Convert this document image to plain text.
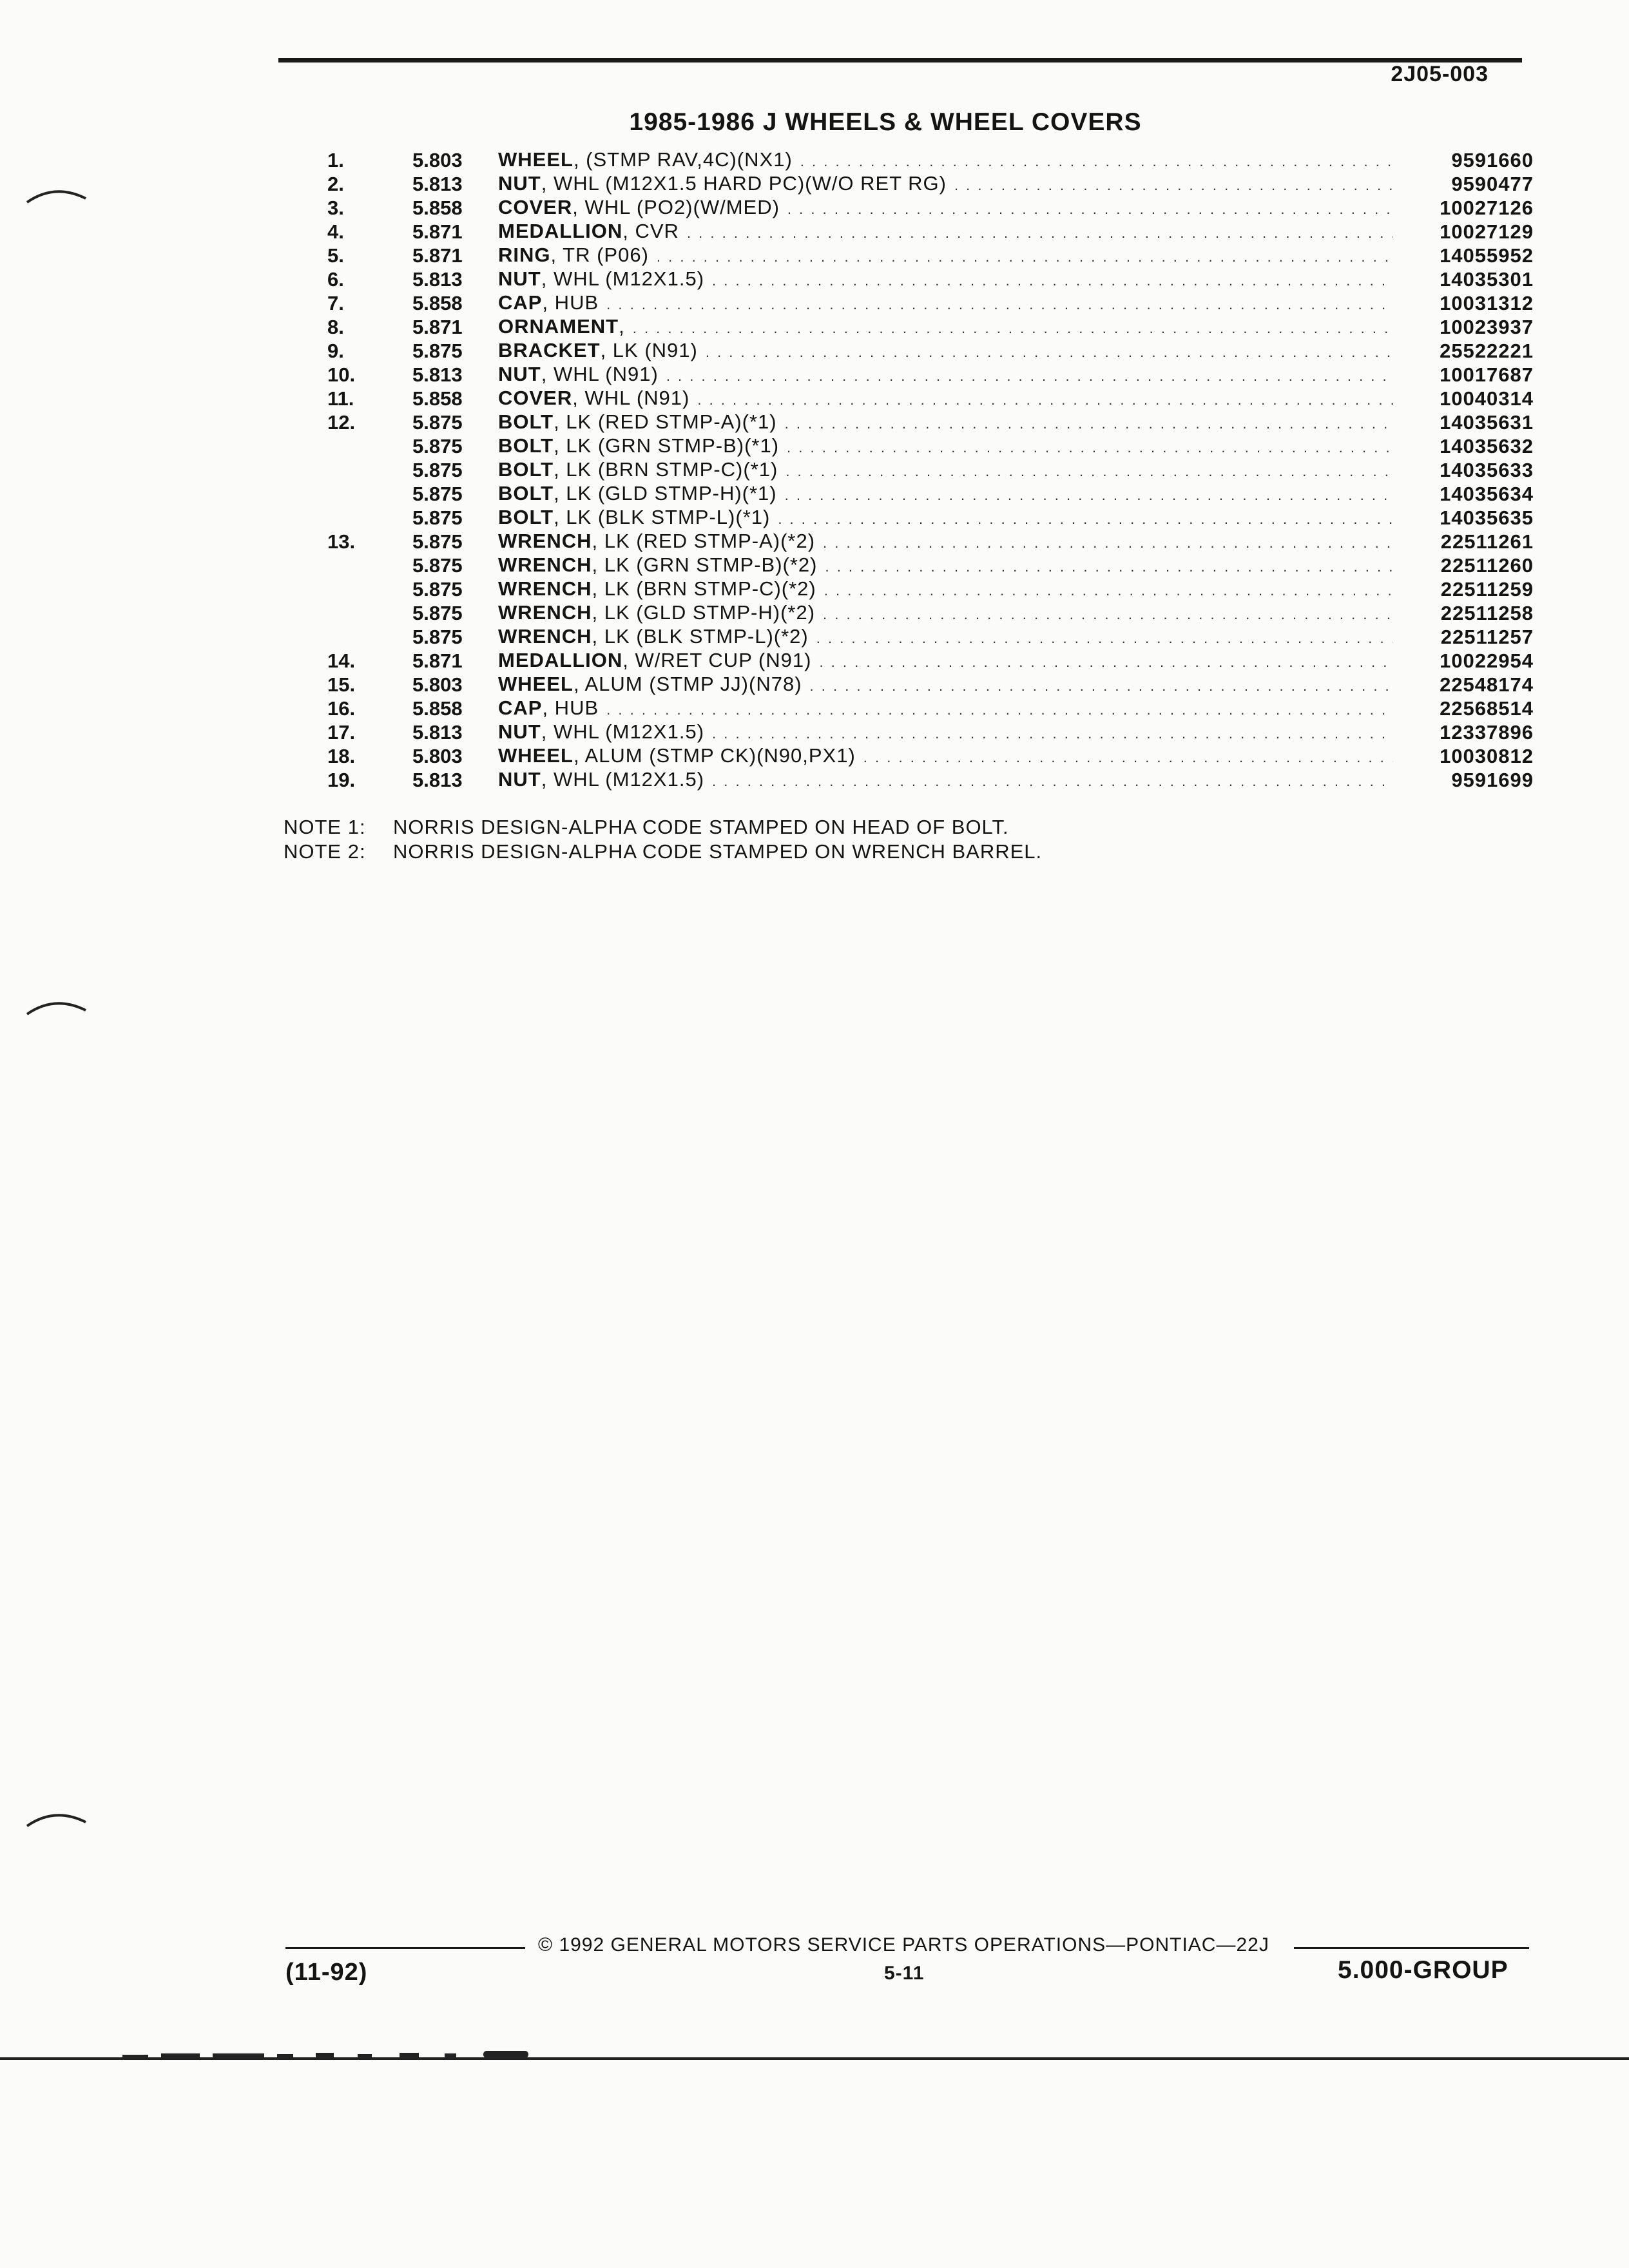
2J05-003
1985-1986 J WHEELS & WHEEL COVERS
1.	5.803	WHEEL , (STMP RAV,4C)(NX1) . . .	9591660
2.	5.813	NUT , WHL (M12X1.5 HARD PC)(W/O RET RG) . . .	9590477
3.	5.858	COVER , WHL (PO2)(W/MED) . . .	10027126
4.	5.871	MEDALLION , CVR . . .	10027129
5.	5.871	RING , TR (P06) . . .	14055952
6.	5.813	NUT , WHL (M12X1.5) . . .	14035301
7.	5.858	CAP , HUB . . .	10031312
8.	5.871	ORNAMENT , . . .	10023937
9.	5.875	BRACKET , LK (N91) . . .	25522221
10.	5.813	NUT , WHL (N91) . . .	10017687
11.	5.858	COVER , WHL (N91) . . .	10040314
12.	5.875	BOLT , LK (RED STMP-A)(*1) . . .	14035631
5.875	BOLT , LK (GRN STMP-B)(*1) . . .	14035632
5.875	BOLT , LK (BRN STMP-C)(*1) . . .	14035633
5.875	BOLT , LK (GLD STMP-H)(*1) . . .	14035634
5.875	BOLT , LK (BLK STMP-L)(*1) . . .	14035635
13.	5.875	WRENCH , LK (RED STMP-A)(*2) . . .	22511261
5.875	WRENCH , LK (GRN STMP-B)(*2) . . .	22511260
5.875	WRENCH , LK (BRN STMP-C)(*2) . . .	22511259
5.875	WRENCH , LK (GLD STMP-H)(*2) . . .	22511258
5.875	WRENCH , LK (BLK STMP-L)(*2) . . .	22511257
14.	5.871	MEDALLION , W/RET CUP (N91) . . .	10022954
15.	5.803	WHEEL , ALUM (STMP JJ)(N78) . . .	22548174
16.	5.858	CAP , HUB . . .	22568514
17.	5.813	NUT , WHL (M12X1.5) . . .	12337896
18.	5.803	WHEEL , ALUM (STMP CK)(N90,PX1) . . .	10030812
19.	5.813	NUT , WHL (M12X1.5) . . .	9591699
NOTE 1: NORRIS DESIGN-ALPHA CODE STAMPED ON HEAD OF BOLT.
NOTE 2: NORRIS DESIGN-ALPHA CODE STAMPED ON WRENCH BARREL.
© 1992 GENERAL MOTORS SERVICE PARTS OPERATIONS—PONTIAC—22J
(11-92)	5-11	5.000-GROUP
